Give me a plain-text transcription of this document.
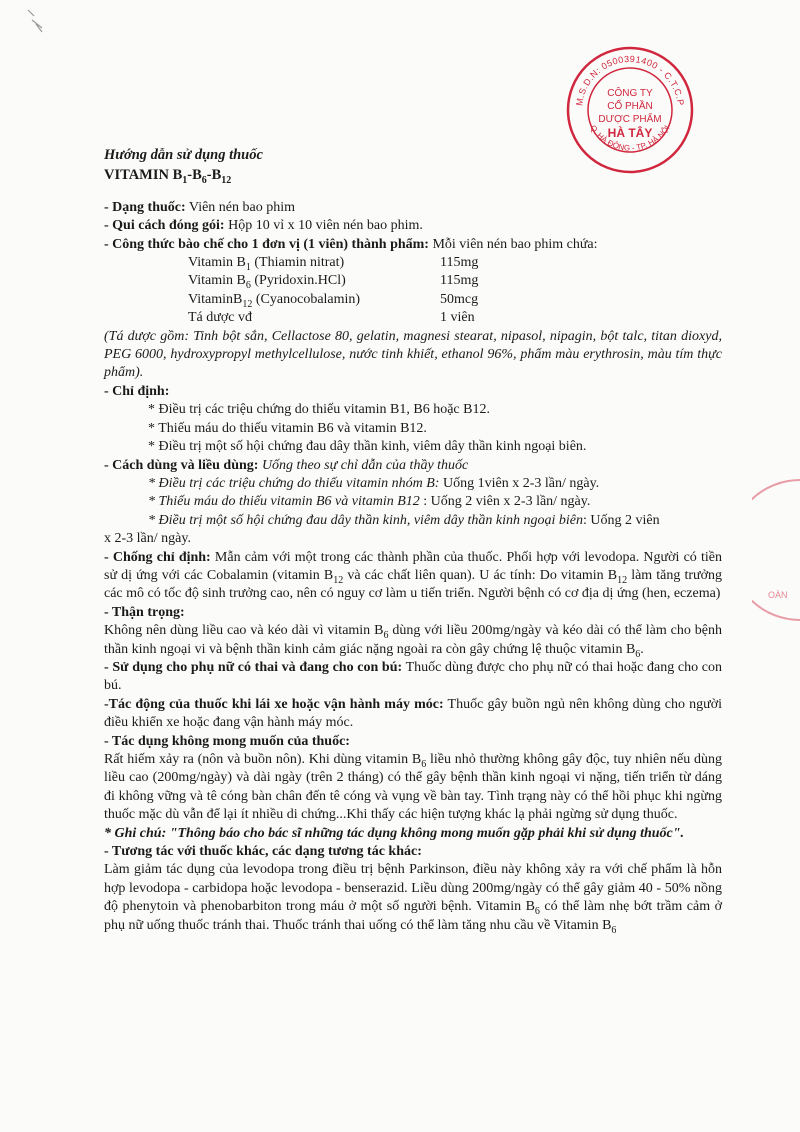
M.S.D.N: 0500391400 - C.T.C.P
Q. HÀ ĐÔNG - TP. HÀ NỘI
CÔNG TY
CỔ PHẦN
DƯỢC PHẨM
HÀ TÂY
OÀN

Hướng dẫn sử dụng thuốc

VITAMIN $B_1-B_6-B_{12}$

- Dạng thuốc: Viên nén bao phim

- Qui cách đóng gói: Hộp 10 vỉ x 10 viên nén bao phim.

- Công thức bào chế cho 1 đơn vị (1 viên) thành phẩm: Mỗi viên nén bao phim chứa:

Vitamin $B_1$ (Thiamin nitrat)	115mg
Vitamin $B_6$ (Pyridoxin.HCl)	115mg
VitaminB$_{12}$ (Cyanocobalamin)	50mcg
Tá dược vđ	1 viên

(Tá dược gồm: Tinh bột sắn, Cellactose 80, gelatin, magnesi stearat, nipasol, nipagin, bột talc, titan dioxyd, PEG 6000, hydroxypropyl methylcellulose, nước tinh khiết, ethanol 96%, phẩm màu erythrosin, màu tím thực phẩm).

- Chỉ định:

* Điều trị các triệu chứng do thiếu vitamin B1, B6 hoặc B12.

* Thiếu máu do thiếu vitamin B6 và vitamin B12.

* Điều trị một số hội chứng đau dây thần kinh, viêm dây thần kinh ngoại biên.

- Cách dùng và liều dùng: Uống theo sự chỉ dẫn của thầy thuốc

* Điều trị các triệu chứng do thiếu vitamin nhóm B: Uống 1viên x 2-3 lần/ ngày.

* Thiếu máu do thiếu vitamin B6 và vitamin B12 : Uống 2 viên x 2-3 lần/ ngày.

* Điều trị một số hội chứng đau dây thần kinh, viêm dây thần kinh ngoại biên: Uống 2 viên

x 2-3 lần/ ngày.

- Chống chỉ định: Mẫn cảm với một trong các thành phần của thuốc. Phối hợp với levodopa. Người có tiền sử dị ứng với các Cobalamin (vitamin $B_{12}$ và các chất liên quan). U ác tính: Do vitamin $B_{12}$ làm tăng trưởng các mô có tốc độ sinh trưởng cao, nên có nguy cơ làm u tiến triển. Người bệnh có cơ địa dị ứng (hen, eczema)

- Thận trọng:

Không nên dùng liều cao và kéo dài vì vitamin $B_6$ dùng với liều 200mg/ngày và kéo dài có thể làm cho bệnh thần kinh ngoại vi và bệnh thần kinh cảm giác nặng ngoài ra còn gây chứng lệ thuộc vitamin $B_6$.

- Sử dụng cho phụ nữ có thai và đang cho con bú: Thuốc dùng được cho phụ nữ có thai hoặc đang cho con bú.

-Tác động của thuốc khi lái xe hoặc vận hành máy móc: Thuốc gây buồn ngủ nên không dùng cho người điều khiển xe hoặc đang vận hành máy móc.

- Tác dụng không mong muốn của thuốc:

Rất hiếm xảy ra (nôn và buồn nôn). Khi dùng vitamin $B_6$ liều nhỏ thường không gây độc, tuy nhiên nếu dùng liều cao (200mg/ngày) và dài ngày (trên 2 tháng) có thể gây bệnh thần kinh ngoại vi nặng, tiến triển từ dáng đi không vững và tê cóng bàn chân đến tê cóng và vụng về bàn tay. Tình trạng này có thể hồi phục khi ngừng thuốc mặc dù vẫn để lại ít nhiều di chứng...Khi thấy các hiện tượng khác lạ phải ngừng sử dụng thuốc.

* Ghi chú: "Thông báo cho bác sĩ những tác dụng không mong muốn gặp phải khi sử dụng thuốc".

- Tương tác với thuốc khác, các dạng tương tác khác:

Làm giảm tác dụng của levodopa trong điều trị bệnh Parkinson, điều này không xảy ra với chế phẩm là hỗn hợp levodopa - carbidopa hoặc levodopa - benserazid. Liều dùng 200mg/ngày có thể gây giảm 40 - 50% nồng độ phenytoin và phenobarbiton trong máu ở một số người bệnh. Vitamin $B_6$ có thể làm nhẹ bớt trầm cảm ở phụ nữ uống thuốc tránh thai. Thuốc tránh thai uống có thể làm tăng nhu cầu về Vitamin $B_6$
